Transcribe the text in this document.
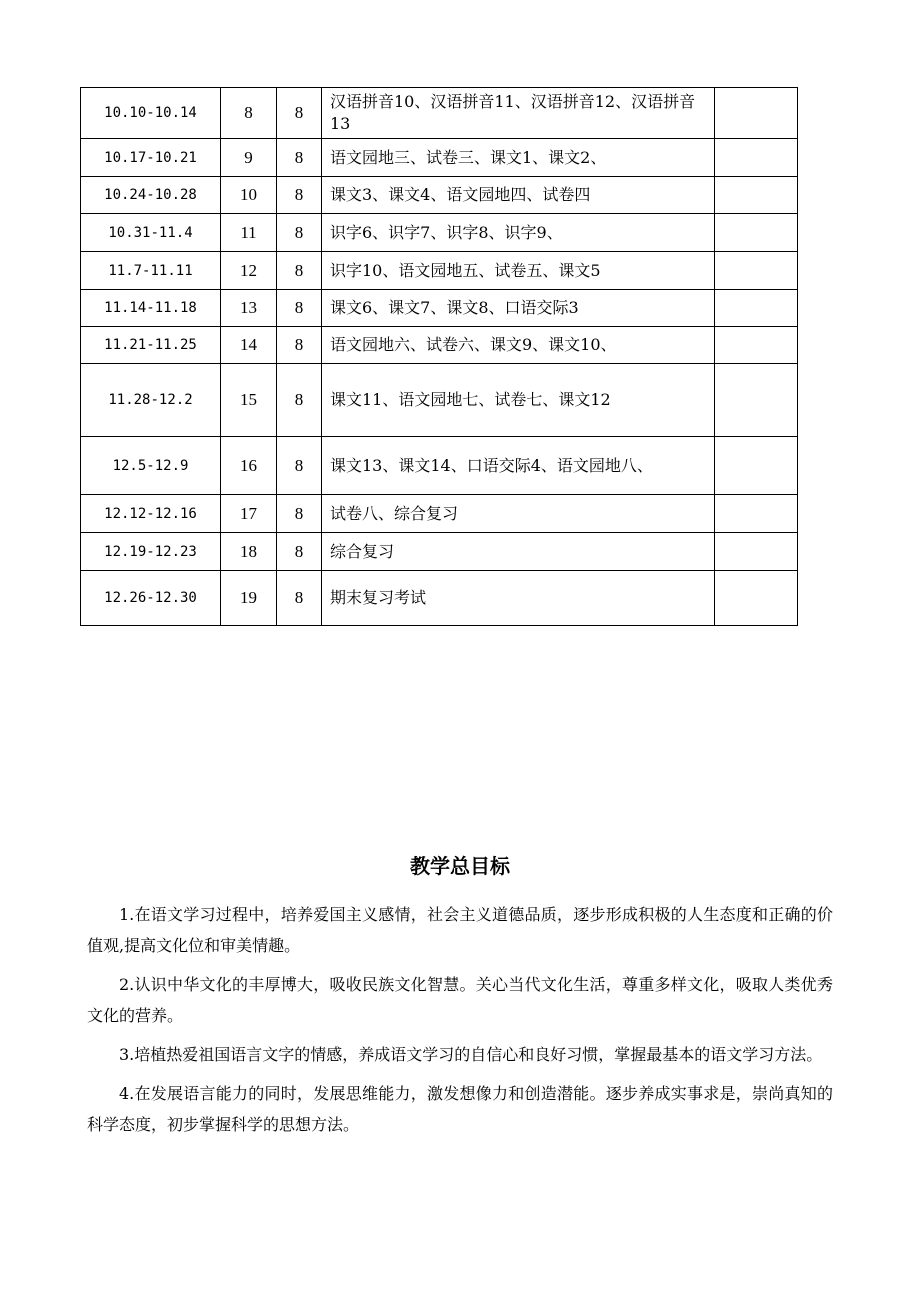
10.10-10.14	8	8	汉语拼音10、汉语拼音11、汉语拼音12、汉语拼音13	
10.17-10.21	9	8	语文园地三、试卷三、课文1、课文2、	
10.24-10.28	10	8	课文3、课文4、语文园地四、试卷四	
10.31-11.4	11	8	识字6、识字7、识字8、识字9、	
11.7-11.11	12	8	识字10、语文园地五、试卷五、课文5	
11.14-11.18	13	8	课文6、课文7、课文8、口语交际3	
11.21-11.25	14	8	语文园地六、试卷六、课文9、课文10、	
11.28-12.2	15	8	课文11、语文园地七、试卷七、课文12	
12.5-12.9	16	8	课文13、课文14、口语交际4、语文园地八、	
12.12-12.16	17	8	试卷八、综合复习	
12.19-12.23	18	8	综合复习	
12.26-12.30	19	8	期末复习考试	
教学总目标

1.在语文学习过程中，培养爱国主义感情，社会主义道德品质，逐步形成积极的人生态度和正确的价值观,提高文化位和审美情趣。

2.认识中华文化的丰厚博大，吸收民族文化智慧。关心当代文化生活，尊重多样文化，吸取人类优秀文化的营养。

3.培植热爱祖国语言文字的情感，养成语文学习的自信心和良好习惯，掌握最基本的语文学习方法。

4.在发展语言能力的同时，发展思维能力，激发想像力和创造潜能。逐步养成实事求是，崇尚真知的科学态度，初步掌握科学的思想方法。
